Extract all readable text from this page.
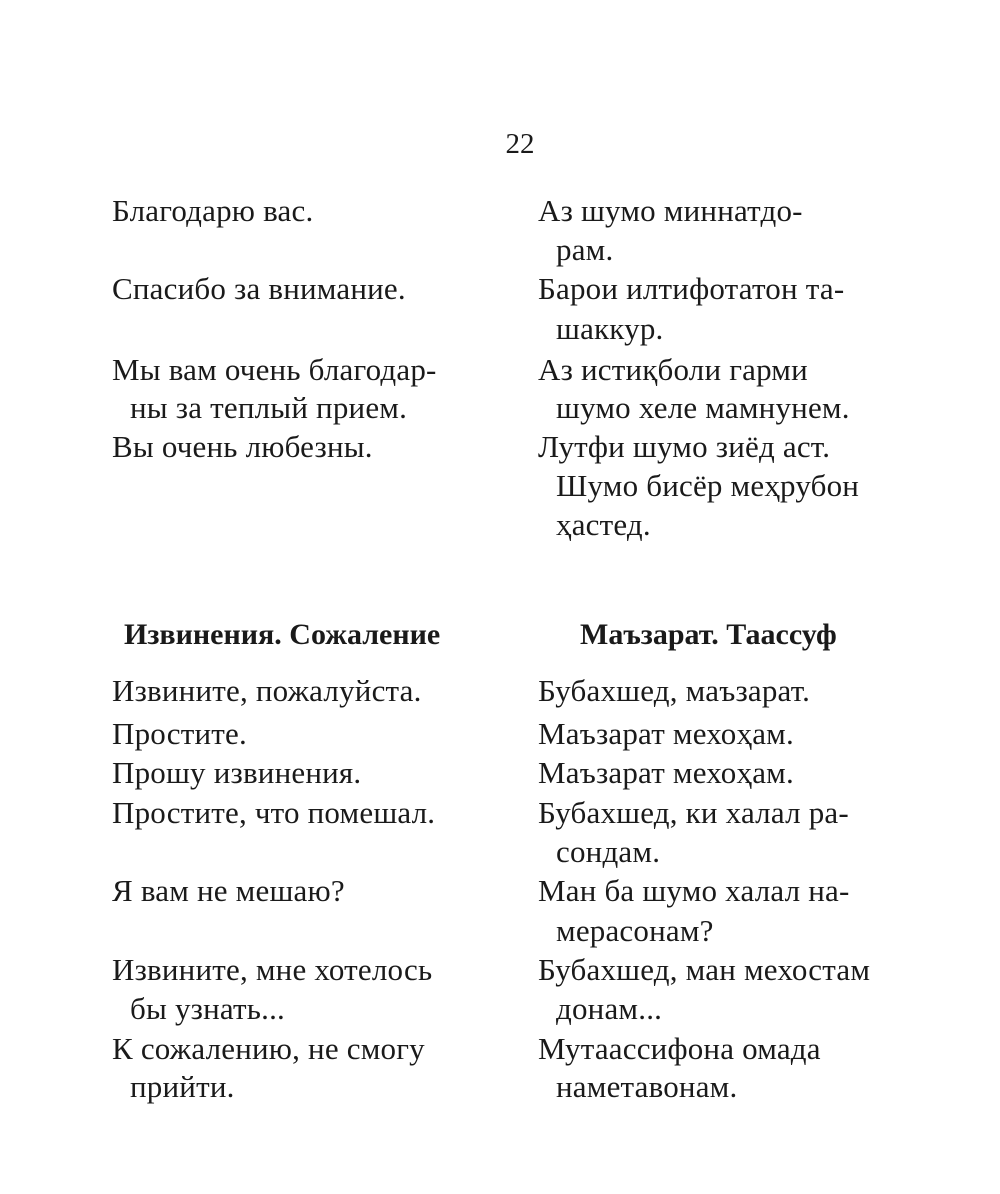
22
Благодарю вас.
Спасибо за внимание.
Мы вам очень благодар-
ны за теплый прием.
Вы очень любезны.
Аз шумо миннатдо-
рам.
Барои илтифотатон та-
шаккур.
Аз истиқболи гарми
шумо хеле мамнунем.
Лутфи шумо зиёд аст.
Шумо бисёр меҳрубон
ҳастед.
Извинения. Сожаление	Маъзарат. Таассуф
Извините, пожалуйста.
Простите.
Прошу извинения.
Простите, что помешал.
Я вам не мешаю?
Извините, мне хотелось
бы узнать...
К сожалению, не смогу
прийти.
Бубахшед, маъзарат.
Маъзарат мехоҳам.
Маъзарат мехоҳам.
Бубахшед, ки халал ра-
сондам.
Ман ба шумо халал на-
мерасонам?
Бубахшед, ман мехостам
донам...
Мутаассифона омада
наметавонам.
